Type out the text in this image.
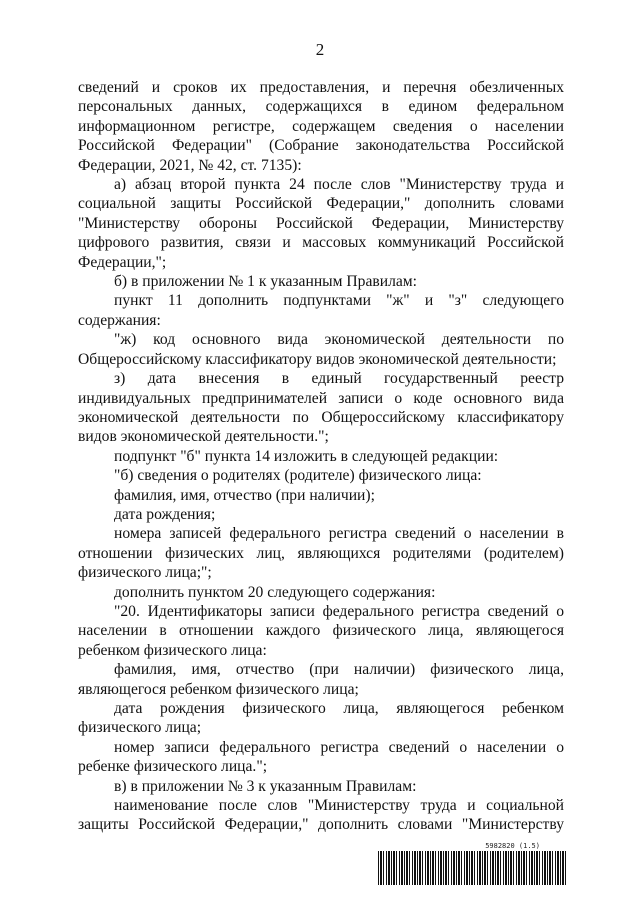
2

сведений и сроков их предоставления, и перечня обезличенных персональных данных, содержащихся в едином федеральном информационном регистре, содержащем сведения о населении Российской Федерации" (Собрание законодательства Российской Федерации, 2021, № 42, ст. 7135):

а) абзац второй пункта 24 после слов "Министерству труда и социальной защиты Российской Федерации," дополнить словами "Министерству обороны Российской Федерации, Министерству цифрового развития, связи и массовых коммуникаций Российской Федерации,";

б) в приложении № 1 к указанным Правилам:

пункт 11 дополнить подпунктами "ж" и "з" следующего содержания:

"ж) код основного вида экономической деятельности по Общероссийскому классификатору видов экономической деятельности;

з) дата внесения в единый государственный реестр индивидуальных предпринимателей записи о коде основного вида экономической деятельности по Общероссийскому классификатору видов экономической деятельности.";

подпункт "б" пункта 14 изложить в следующей редакции:

"б) сведения о родителях (родителе) физического лица:

фамилия, имя, отчество (при наличии);

дата рождения;

номера записей федерального регистра сведений о населении в отношении физических лиц, являющихся родителями (родителем) физического лица;";

дополнить пунктом 20 следующего содержания:

"20. Идентификаторы записи федерального регистра сведений о населении в отношении каждого физического лица, являющегося ребенком физического лица:

фамилия, имя, отчество (при наличии) физического лица, являющегося ребенком физического лица;

дата рождения физического лица, являющегося ребенком физического лица;

номер записи федерального регистра сведений о населении о ребенке физического лица.";

в) в приложении № 3 к указанным Правилам:

наименование после слов "Министерству труда и социальной защиты Российской Федерации," дополнить словами "Министерству

5982820 (1.5)
